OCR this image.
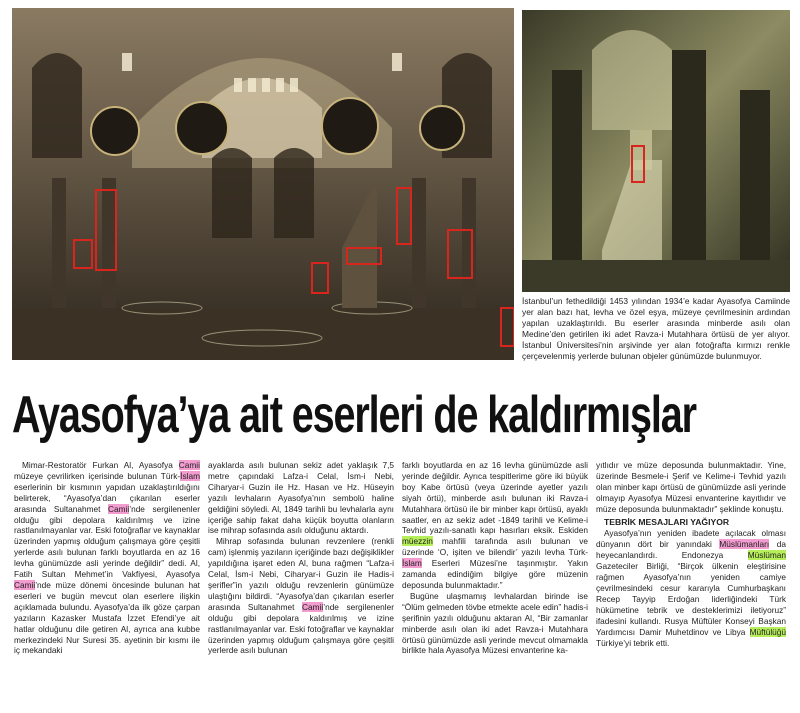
İstanbul’un fethedildiği 1453 yılından 1934’e kadar Ayasofya Camiinde yer alan bazı hat, levha ve özel eşya, müzeye çevrilmesinin ardından yapılan uzaklaştırıldı. Bu eserler arasında minberde asılı olan Medine’den getirilen iki adet Ravza-i Mutahhara örtüsü de yer alıyor. İstanbul Üniversitesi’nin arşivinde yer alan fotoğrafta kırmızı renkle çerçevelenmiş yerlerde bulunan objeler günümüzde bulunmuyor.
Ayasofya’ya ait eserleri de kaldırmışlar

Mimar-Restoratör Furkan Al, Ayasofya Camii müzeye çevrilirken içerisinde bulunan Türk-İslam eserlerinin bir kısmının yapıdan uzaklaştırıldığını belirterek, “Ayasofya’dan çıkarılan eserler arasında Sultanahmet Camii’nde sergilenenler olduğu gibi depolara kaldırılmış ve izine rastlanılmayanlar var. Eski fotoğraflar ve kaynaklar üzerinden yapmış olduğum çalışmaya göre çeşitli yerlerde asılı bulunan farklı boyutlarda en az 16 levha günümüzde asli yerinde değildir” dedi. Al, Fatih Sultan Mehmet’in Vakfiyesi, Ayasofya Camii’nde müze dönemi öncesinde bulunan hat eserleri ve bugün mevcut olan eserlere ilişkin açıklamada bulundu. Ayasofya’da ilk göze çarpan yazıların Kazasker Mustafa İzzet Efendi’ye ait hatlar olduğunu dile getiren Al, ayrıca ana kubbe merkezindeki Nur Suresi 35. ayetinin bir kısmı ile iç mekandaki

ayaklarda asılı bulunan sekiz adet yaklaşık 7,5 metre çapındaki Lafza-i Celal, İsm-i Nebi, Ciharyar-i Guzin ile Hz. Hasan ve Hz. Hüseyin yazılı levhaların Ayasofya’nın sembolü haline geldiğini söyledi. Al, 1849 tarihli bu levhalarla aynı içeriğe sahip fakat daha küçük boyutta olanların ise mihrap sofasında asılı olduğunu aktardı.

Mihrap sofasında bulunan revzenlere (renkli cam) işlenmiş yazıların içeriğinde bazı değişiklikler yapıldığına işaret eden Al, buna rağmen “Lafza-i Celal, İsm-i Nebi, Ciharyar-i Guzin ile Hadis-i şerifler”in yazılı olduğu revzenlerin günümüze ulaştığını bildirdi. “Ayasofya’dan çıkarılan eserler arasında Sultanahmet Camii’nde sergilenenler olduğu gibi depolara kaldırılmış ve izine rastlanılmayanlar var. Eski fotoğraflar ve kaynaklar üzerinden yapmış olduğum çalışmaya göre çeşitli yerlerde asılı bulunan

farklı boyutlarda en az 16 levha günümüzde asli yerinde değildir. Ayrıca tespitlerime göre iki büyük boy Kabe örtüsü (veya üzerinde ayetler yazılı siyah örtü), minberde asılı bulunan iki Ravza-i Mutahhara örtüsü ile bir minber kapı örtüsü, ayaklı saatler, en az sekiz adet -1849 tarihli ve Kelime-i Tevhid yazılı-sanatlı kapı hasırları eksik. Eskiden müezzin mahfili tarafında asılı bulunan ve üzerinde ‘O, işiten ve bilendir’ yazılı levha Türk-İslam Eserleri Müzesi’ne taşınmıştır. Yakın zamanda edindiğim bilgiye göre müzenin deposunda bulunmaktadır.”

Bugüne ulaşmamış levhalardan birinde ise “Ölüm gelmeden tövbe etmekte acele edin” hadis-i şerifinin yazılı olduğunu aktaran Al, “Bir zamanlar minberde asılı olan iki adet Ravza-i Mutahhara örtüsü günümüzde asli yerinde mevcut olmamakla birlikte hala Ayasofya Müzesi envanterine ka-

yıtlıdır ve müze deposunda bulunmaktadır. Yine, üzerinde Besmele-i Şerif ve Kelime-i Tevhid yazılı olan minber kapı örtüsü de günümüzde asli yerinde olmayıp Ayasofya Müzesi envanterine kayıtlıdır ve müze deposunda bulunmaktadır” şeklinde konuştu.

TEBRİK MESAJLARI YAĞIYOR

Ayasofya’nın yeniden ibadete açılacak olması dünyanın dört bir yanındaki Müslümanları da heyecanlandırdı. Endonezya Müslüman Gazeteciler Birliği, “Birçok ülkenin eleştirisine rağmen Ayasofya’nın yeniden camiye çevrilmesindeki cesur kararıyla Cumhurbaşkanı Recep Tayyip Erdoğan liderliğindeki Türk hükümetine tebrik ve desteklerimizi iletiyoruz” ifadesini kullandı. Rusya Müftüler Konseyi Başkan Yardımcısı Damir Muhetdinov ve Libya Müftülüğü Türkiye’yi tebrik etti.
